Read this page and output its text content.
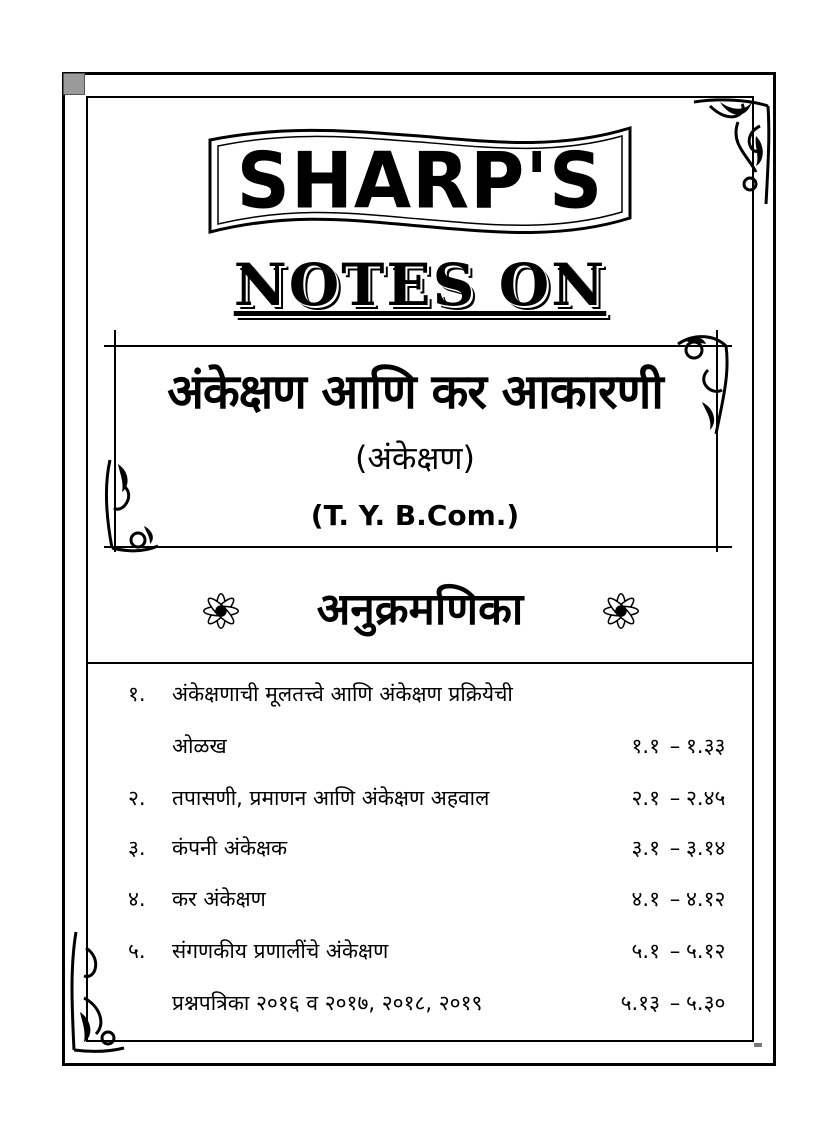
SHARP'S
NOTES ON
अंकेक्षण आणि कर आकारणी
(अंकेक्षण)
(T. Y. B.Com.)
अनुक्रमणिका
१.	अंकेक्षणाची मूलतत्त्वे आणि अंकेक्षण प्रक्रियेची
ओळख	१.१ – १.३३
२.	तपासणी, प्रमाणन आणि अंकेक्षण अहवाल	२.१ – २.४५
३.	कंपनी अंकेक्षक	३.१ – ३.१४
४.	कर अंकेक्षण	४.१ – ४.१२
५.	संगणकीय प्रणालींचे अंकेक्षण	५.१ – ५.१२
प्रश्नपत्रिका २०१६ व २०१७, २०१८, २०१९	५.१३ – ५.३०
